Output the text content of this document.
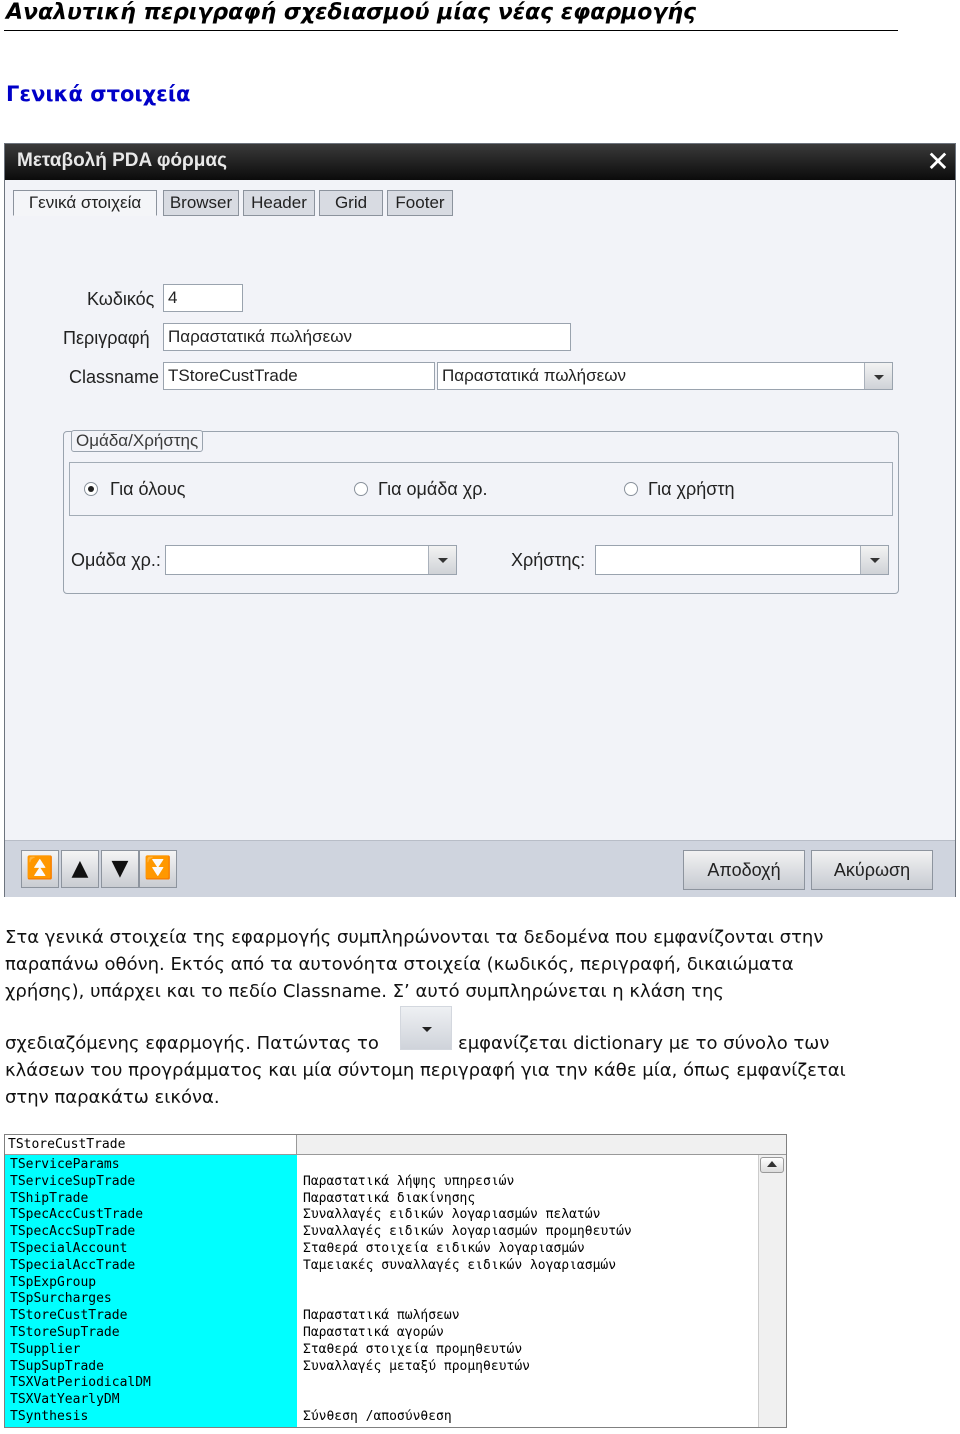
Αναλυτική περιγραφή σχεδιασμού μίας νέας εφαρμογής
Γενικά στοιχεία
Μεταβολή PDA φόρμας	✕
Γενικά στοιχεία	Browser	Header	Grid	Footer
Κωδικός 4
Περιγραφή Παραστατικά πωλήσεων
Classname TStoreCustTrade	Παραστατικά πωλήσεων
Ομάδα/Χρήστης
Για όλους	Για ομάδα χρ.	Για χρήστη
Ομάδα χρ.:	Χρήστης:
⏫ ▲	▼ ⏬	Αποδοχή	Ακύρωση
Στα γενικά στοιχεία της εφαρμογής συμπληρώνονται τα δεδομένα που εμφανίζονται στην
παραπάνω οθόνη. Εκτός από τα αυτονόητα στοιχεία (κωδικός, περιγραφή, δικαιώματα
χρήσης), υπάρχει και το πεδίο Classname. Σ’ αυτό συμπληρώνεται η κλάση της
σχεδιαζόμενης εφαρμογής. Πατώντας το	εμφανίζεται dictionary με το σύνολο των
κλάσεων του προγράμματος και μία σύντομη περιγραφή για την κάθε μία, όπως εμφανίζεται
στην παρακάτω εικόνα.
TStoreCustTrade
TServiceParams
TServiceSupTrade	Παραστατικά λήψης υπηρεσιών
TShipTrade	Παραστατικά διακίνησης
TSpecAccCustTrade	Συναλλαγές ειδικών λογαριασμών πελατών
TSpecAccSupTrade	Συναλλαγές ειδικών λογαριασμών προμηθευτών
TSpecialAccount	Σταθερά στοιχεία ειδικών λογαριασμών
TSpecialAccTrade	Ταμειακές συναλλαγές ειδικών λογαριασμών
TSpExpGroup
TSpSurcharges
TStoreCustTrade	Παραστατικά πωλήσεων
TStoreSupTrade	Παραστατικά αγορών
TSupplier	Σταθερά στοιχεία προμηθευτών
TSupSupTrade	Συναλλαγές μεταξύ προμηθευτών
TSXVatPeriodicalDM
TSXVatYearlyDM
TSynthesis	Σύνθεση /αποσύνθεση
